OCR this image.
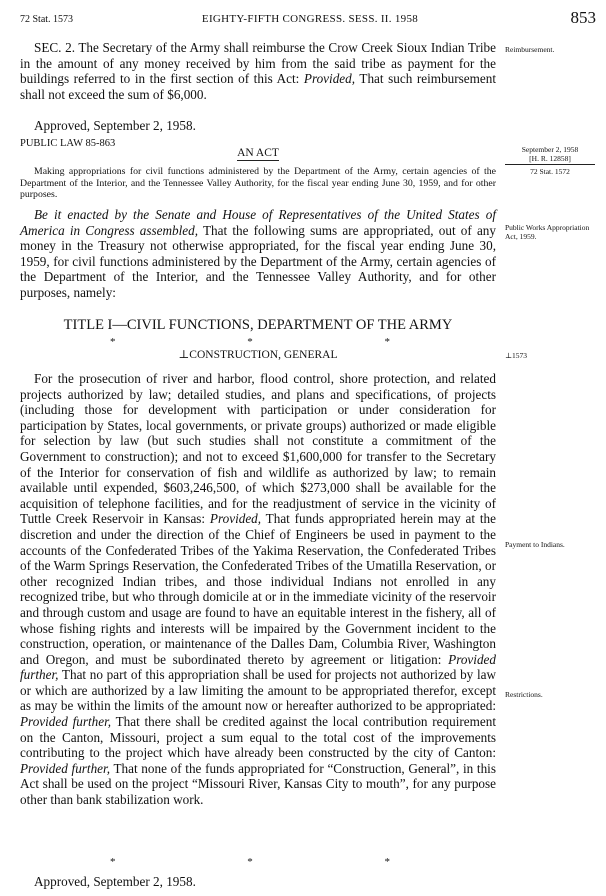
72 Stat. 1573	EIGHTY-FIFTH CONGRESS. SESS. II. 1958	853
SEC. 2. The Secretary of the Army shall reimburse the Crow Creek Sioux Indian Tribe in the amount of any money received by him from the said tribe as payment for the buildings referred to in the first section of this Act: Provided, That such reimbursement shall not exceed the sum of $6,000.
Approved, September 2, 1958.
PUBLIC LAW 85-863
AN ACT
Making appropriations for civil functions administered by the Department of the Army, certain agencies of the Department of the Interior, and the Tennessee Valley Authority, for the fiscal year ending June 30, 1959, and for other purposes.
Be it enacted by the Senate and House of Representatives of the United States of America in Congress assembled, That the following sums are appropriated, out of any money in the Treasury not otherwise appropriated, for the fiscal year ending June 30, 1959, for civil functions administered by the Department of the Army, certain agencies of the Department of the Interior, and the Tennessee Valley Authority, and for other purposes, namely:
TITLE I—CIVIL FUNCTIONS, DEPARTMENT OF THE ARMY
*	*	*
⊥CONSTRUCTION, GENERAL
For the prosecution of river and harbor, flood control, shore protection, and related projects authorized by law; detailed studies, and plans and specifications, of projects (including those for development with participation or under consideration for participation by States, local governments, or private groups) authorized or made eligible for selection by law (but such studies shall not constitute a commitment of the Government to construction); and not to exceed $1,600,000 for transfer to the Secretary of the Interior for conservation of fish and wildlife as authorized by law; to remain available until expended, $603,246,500, of which $273,000 shall be available for the acquisition of telephone facilities, and for the readjustment of service in the vicinity of Tuttle Creek Reservoir in Kansas: Provided, That funds appropriated herein may at the discretion and under the direction of the Chief of Engineers be used in payment to the accounts of the Confederated Tribes of the Yakima Reservation, the Confederated Tribes of the Warm Springs Reservation, the Confederated Tribes of the Umatilla Reservation, or other recognized Indian tribes, and those individual Indians not enrolled in any recognized tribe, but who through domicile at or in the immediate vicinity of the reservoir and through custom and usage are found to have an equitable interest in the fishery, all of whose fishing rights and interests will be impaired by the Government incident to the construction, operation, or maintenance of the Dalles Dam, Columbia River, Washington and Oregon, and must be subordinated thereto by agreement or litigation: Provided further, That no part of this appropriation shall be used for projects not authorized by law or which are authorized by a law limiting the amount to be appropriated therefor, except as may be within the limits of the amount now or hereafter authorized to be appropriated: Provided further, That there shall be credited against the local contribution requirement on the Canton, Missouri, project a sum equal to the total cost of the improvements contributing to the project which have already been constructed by the city of Canton: Provided further, That none of the funds appropriated for “Construction, General”, in this Act shall be used on the project “Missouri River, Kansas City to mouth”, for any purpose other than bank stabilization work.
*	*	*
Approved, September 2, 1958.
Reimbursement.
September 2, 1958
[H. R. 12858]
72 Stat. 1572
Public Works Appropriation Act, 1959.
⊥1573
Payment to Indians.
Restrictions.
